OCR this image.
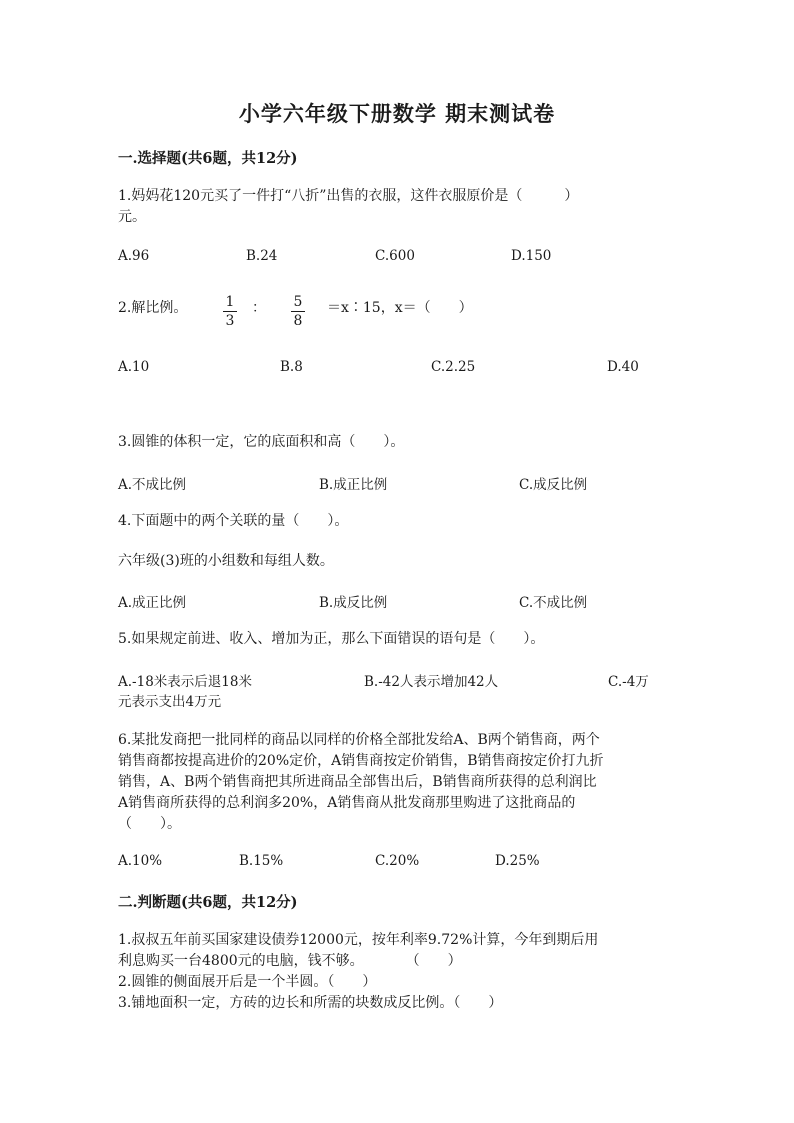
小学六年级下册数学 期末测试卷
一.选择题(共6题，共12分)
1.妈妈花120元买了一件打“八折”出售的衣服，这件衣服原价是（　　　）
元。
A.96	B.24	C.600	D.150
2.解比例。	1
3
： 5
8
＝x∶15，x＝（　　）
A.10	B.8	C.2.25	D.40
3.圆锥的体积一定，它的底面积和高（　　）。
A.不成比例	B.成正比例	C.成反比例
4.下面题中的两个关联的量（　　）。
六年级(3)班的小组数和每组人数。
A.成正比例	B.成反比例	C.不成比例
5.如果规定前进、收入、增加为正，那么下面错误的语句是（　　）。
A.-18米表示后退18米	B.-42人表示增加42人	C.-4万
元表示支出4万元
6.某批发商把一批同样的商品以同样的价格全部批发给A、B两个销售商，两个
销售商都按提高进价的20%定价，A销售商按定价销售，B销售商按定价打九折
销售，A、B两个销售商把其所进商品全部售出后，B销售商所获得的总利润比
A销售商所获得的总利润多20%，A销售商从批发商那里购进了这批商品的
（　　）。
A.10%	B.15%	C.20%	D.25%
二.判断题(共6题，共12分)
1.叔叔五年前买国家建设债券12000元，按年利率9.72%计算，今年到期后用
利息购买一台4800元的电脑，钱不够。　　　　（　　）
2.圆锥的侧面展开后是一个半圆。（　　）
3.铺地面积一定，方砖的边长和所需的块数成反比例。（　　）
